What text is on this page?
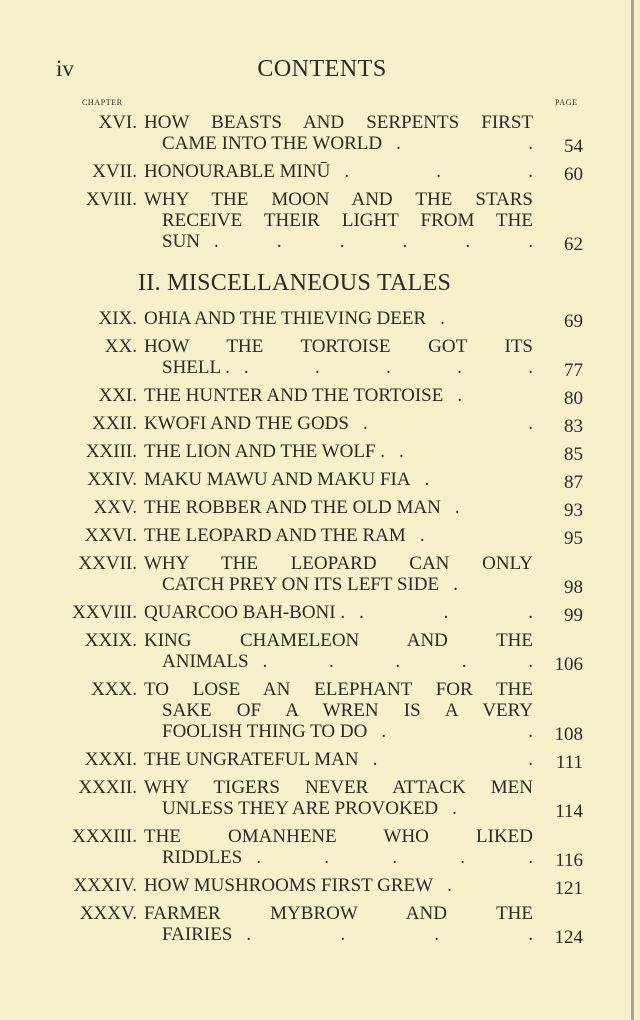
iv	CONTENTS
CHAPTER	PAGE
XVI. HOW BEASTS AND SERPENTS FIRST
CAME INTO THE WORLD . .	54
XVII. HONOURABLE MINŪ . . .	60
XVIII. WHY THE MOON AND THE STARS
RECEIVE THEIR LIGHT FROM THE
SUN . . . . . .	62
II. MISCELLANEOUS TALES
XIX. OHIA AND THE THIEVING DEER .	69
XX. HOW THE TORTOISE GOT ITS
SHELL . . . . . .	77
XXI. THE HUNTER AND THE TORTOISE .	80
XXII. KWOFI AND THE GODS . .	83
XXIII. THE LION AND THE WOLF . .	85
XXIV. MAKU MAWU AND MAKU FIA .	87
XXV. THE ROBBER AND THE OLD MAN .	93
XXVI. THE LEOPARD AND THE RAM .	95
XXVII. WHY THE LEOPARD CAN ONLY
CATCH PREY ON ITS LEFT SIDE .	98
XXVIII. QUARCOO BAH-BONI . . . .	99
XXIX. KING CHAMELEON AND THE
ANIMALS . . . . .	106
XXX. TO LOSE AN ELEPHANT FOR THE
SAKE OF A WREN IS A VERY
FOOLISH THING TO DO . .	108
XXXI. THE UNGRATEFUL MAN . .	111
XXXII. WHY TIGERS NEVER ATTACK MEN
UNLESS THEY ARE PROVOKED .	114
XXXIII. THE OMANHENE WHO LIKED
RIDDLES . . . . .	116
XXXIV. HOW MUSHROOMS FIRST GREW .	121
XXXV. FARMER MYBROW AND THE
FAIRIES . . . .	124
